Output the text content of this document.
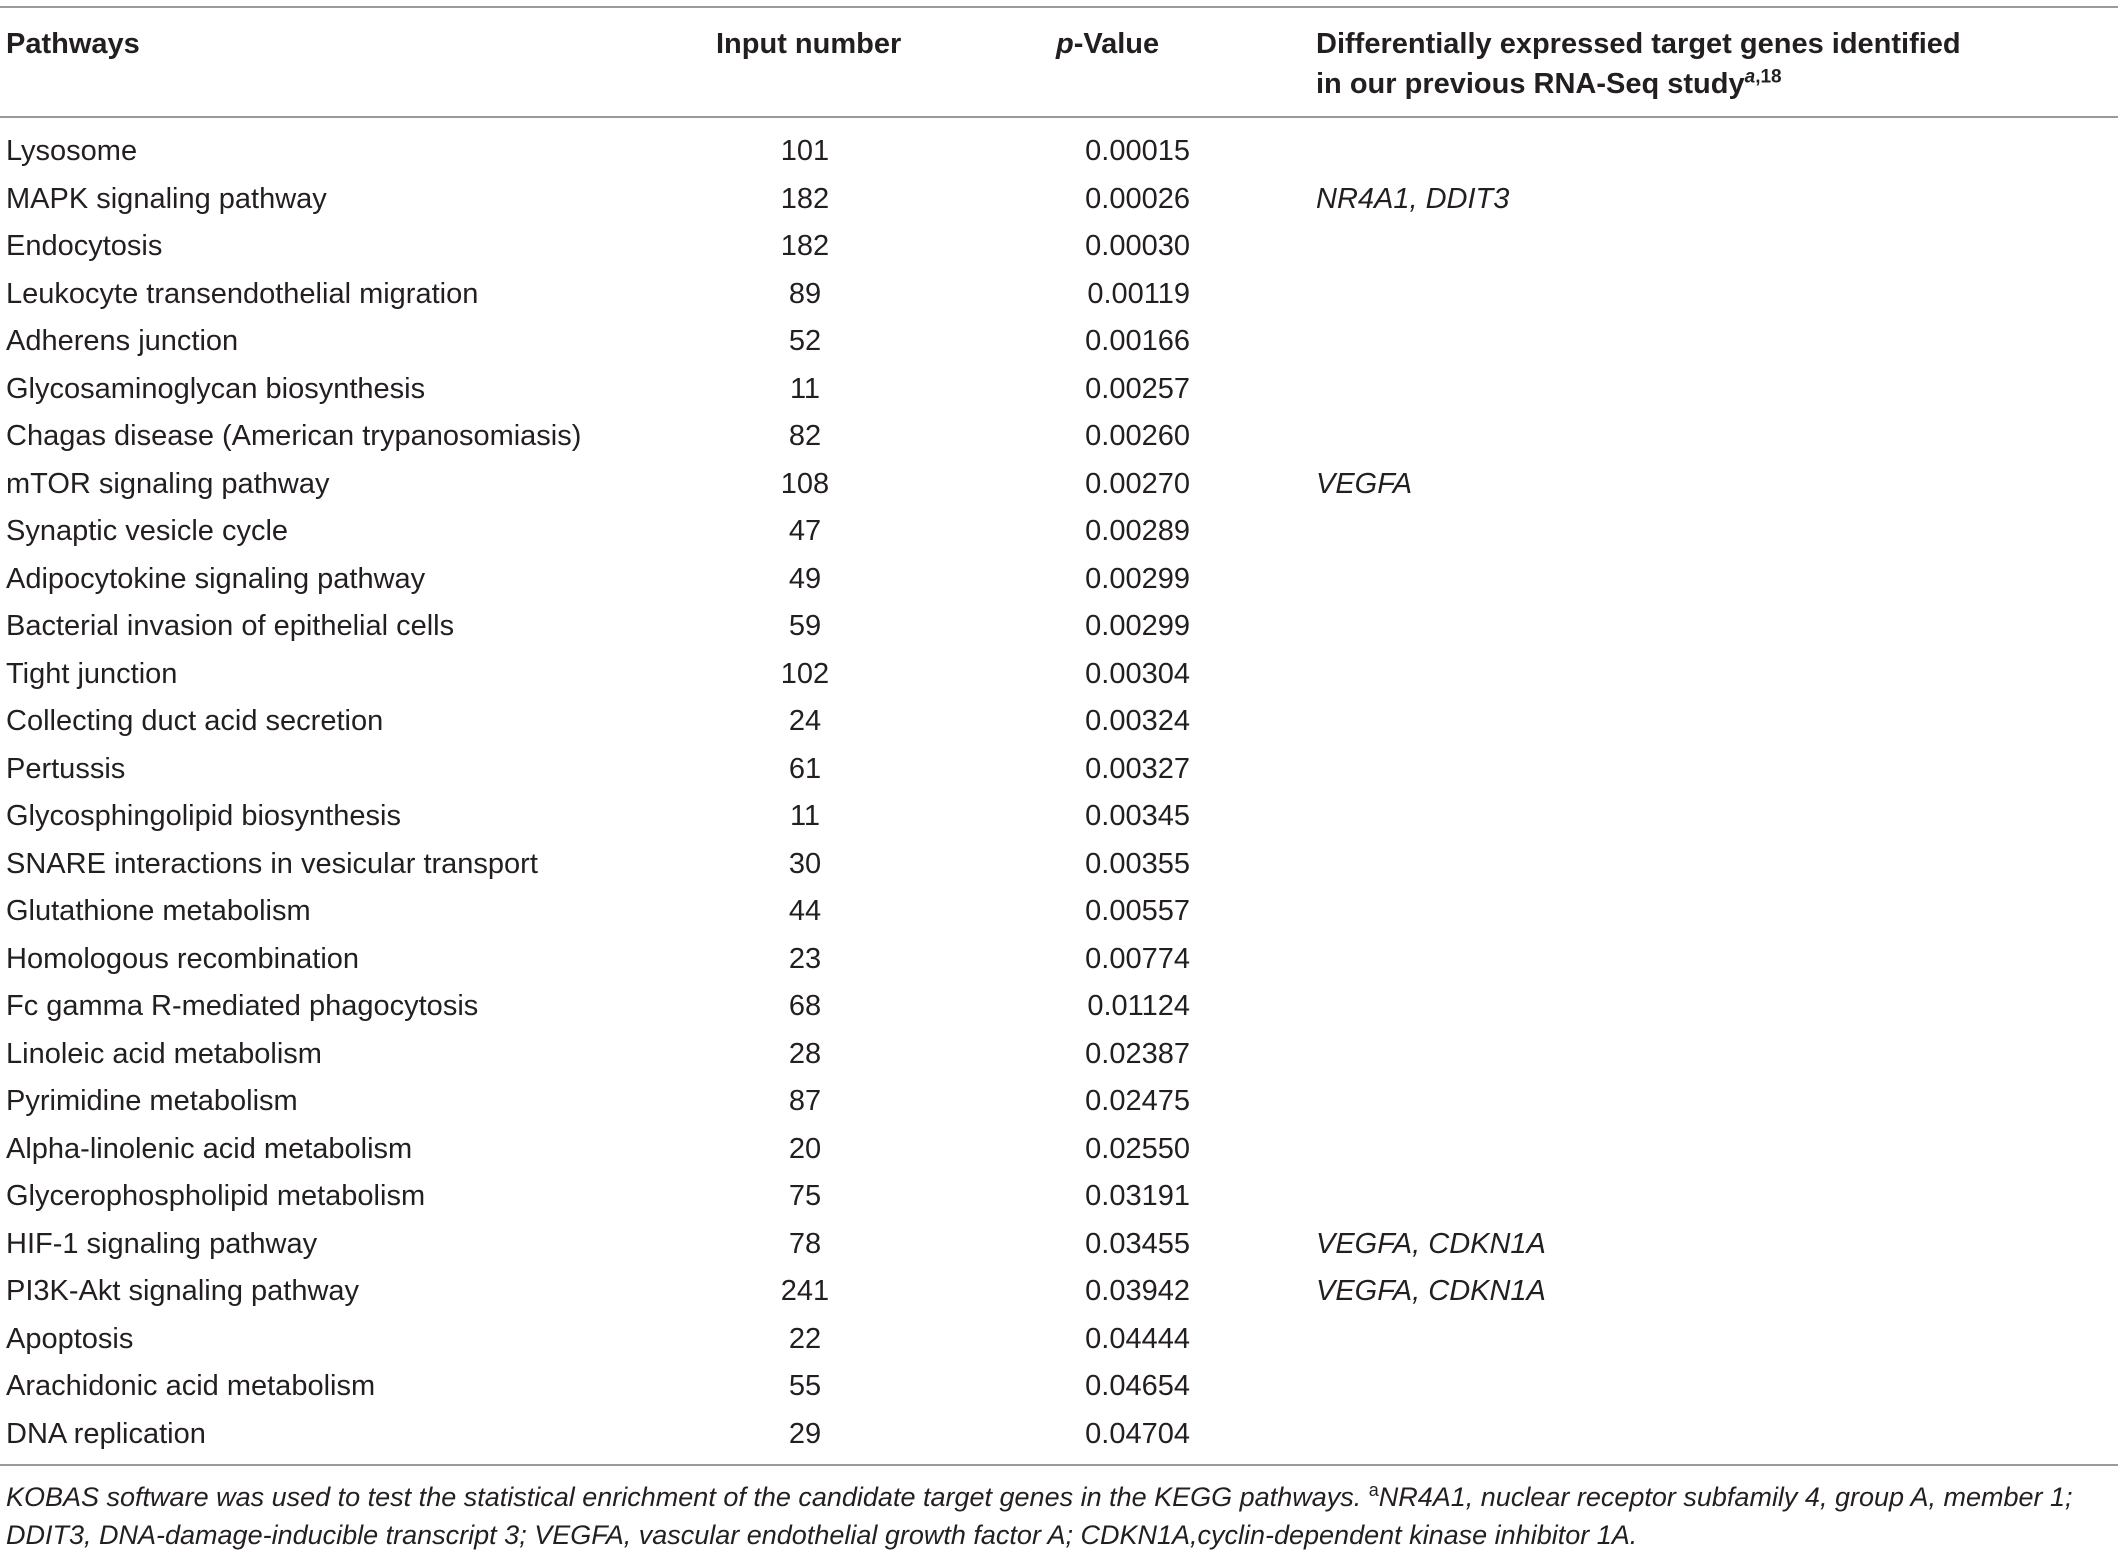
Pathways	Input number	p-Value	Differentially expressed target genes identified
in our previous RNA-Seq study$^{a,18}$
Lysosome	101	0.00015
MAPK signaling pathway	182	0.00026	NR4A1, DDIT3
Endocytosis	182	0.00030
Leukocyte transendothelial migration	89	0.00119
Adherens junction	52	0.00166
Glycosaminoglycan biosynthesis	11	0.00257
Chagas disease (American trypanosomiasis)	82	0.00260
mTOR signaling pathway	108	0.00270	VEGFA
Synaptic vesicle cycle	47	0.00289
Adipocytokine signaling pathway	49	0.00299
Bacterial invasion of epithelial cells	59	0.00299
Tight junction	102	0.00304
Collecting duct acid secretion	24	0.00324
Pertussis	61	0.00327
Glycosphingolipid biosynthesis	11	0.00345
SNARE interactions in vesicular transport	30	0.00355
Glutathione metabolism	44	0.00557
Homologous recombination	23	0.00774
Fc gamma R-mediated phagocytosis	68	0.01124
Linoleic acid metabolism	28	0.02387
Pyrimidine metabolism	87	0.02475
Alpha-linolenic acid metabolism	20	0.02550
Glycerophospholipid metabolism	75	0.03191
HIF-1 signaling pathway	78	0.03455	VEGFA, CDKN1A
PI3K-Akt signaling pathway	241	0.03942	VEGFA, CDKN1A
Apoptosis	22	0.04444
Arachidonic acid metabolism	55	0.04654
DNA replication	29	0.04704
KOBAS software was used to test the statistical enrichment of the candidate target genes in the KEGG pathways. $^a$NR4A1, nuclear receptor subfamily 4, group A, member 1; DDIT3, DNA-damage-inducible transcript 3; VEGFA, vascular endothelial growth factor A; CDKN1A,cyclin-dependent kinase inhibitor 1A.
